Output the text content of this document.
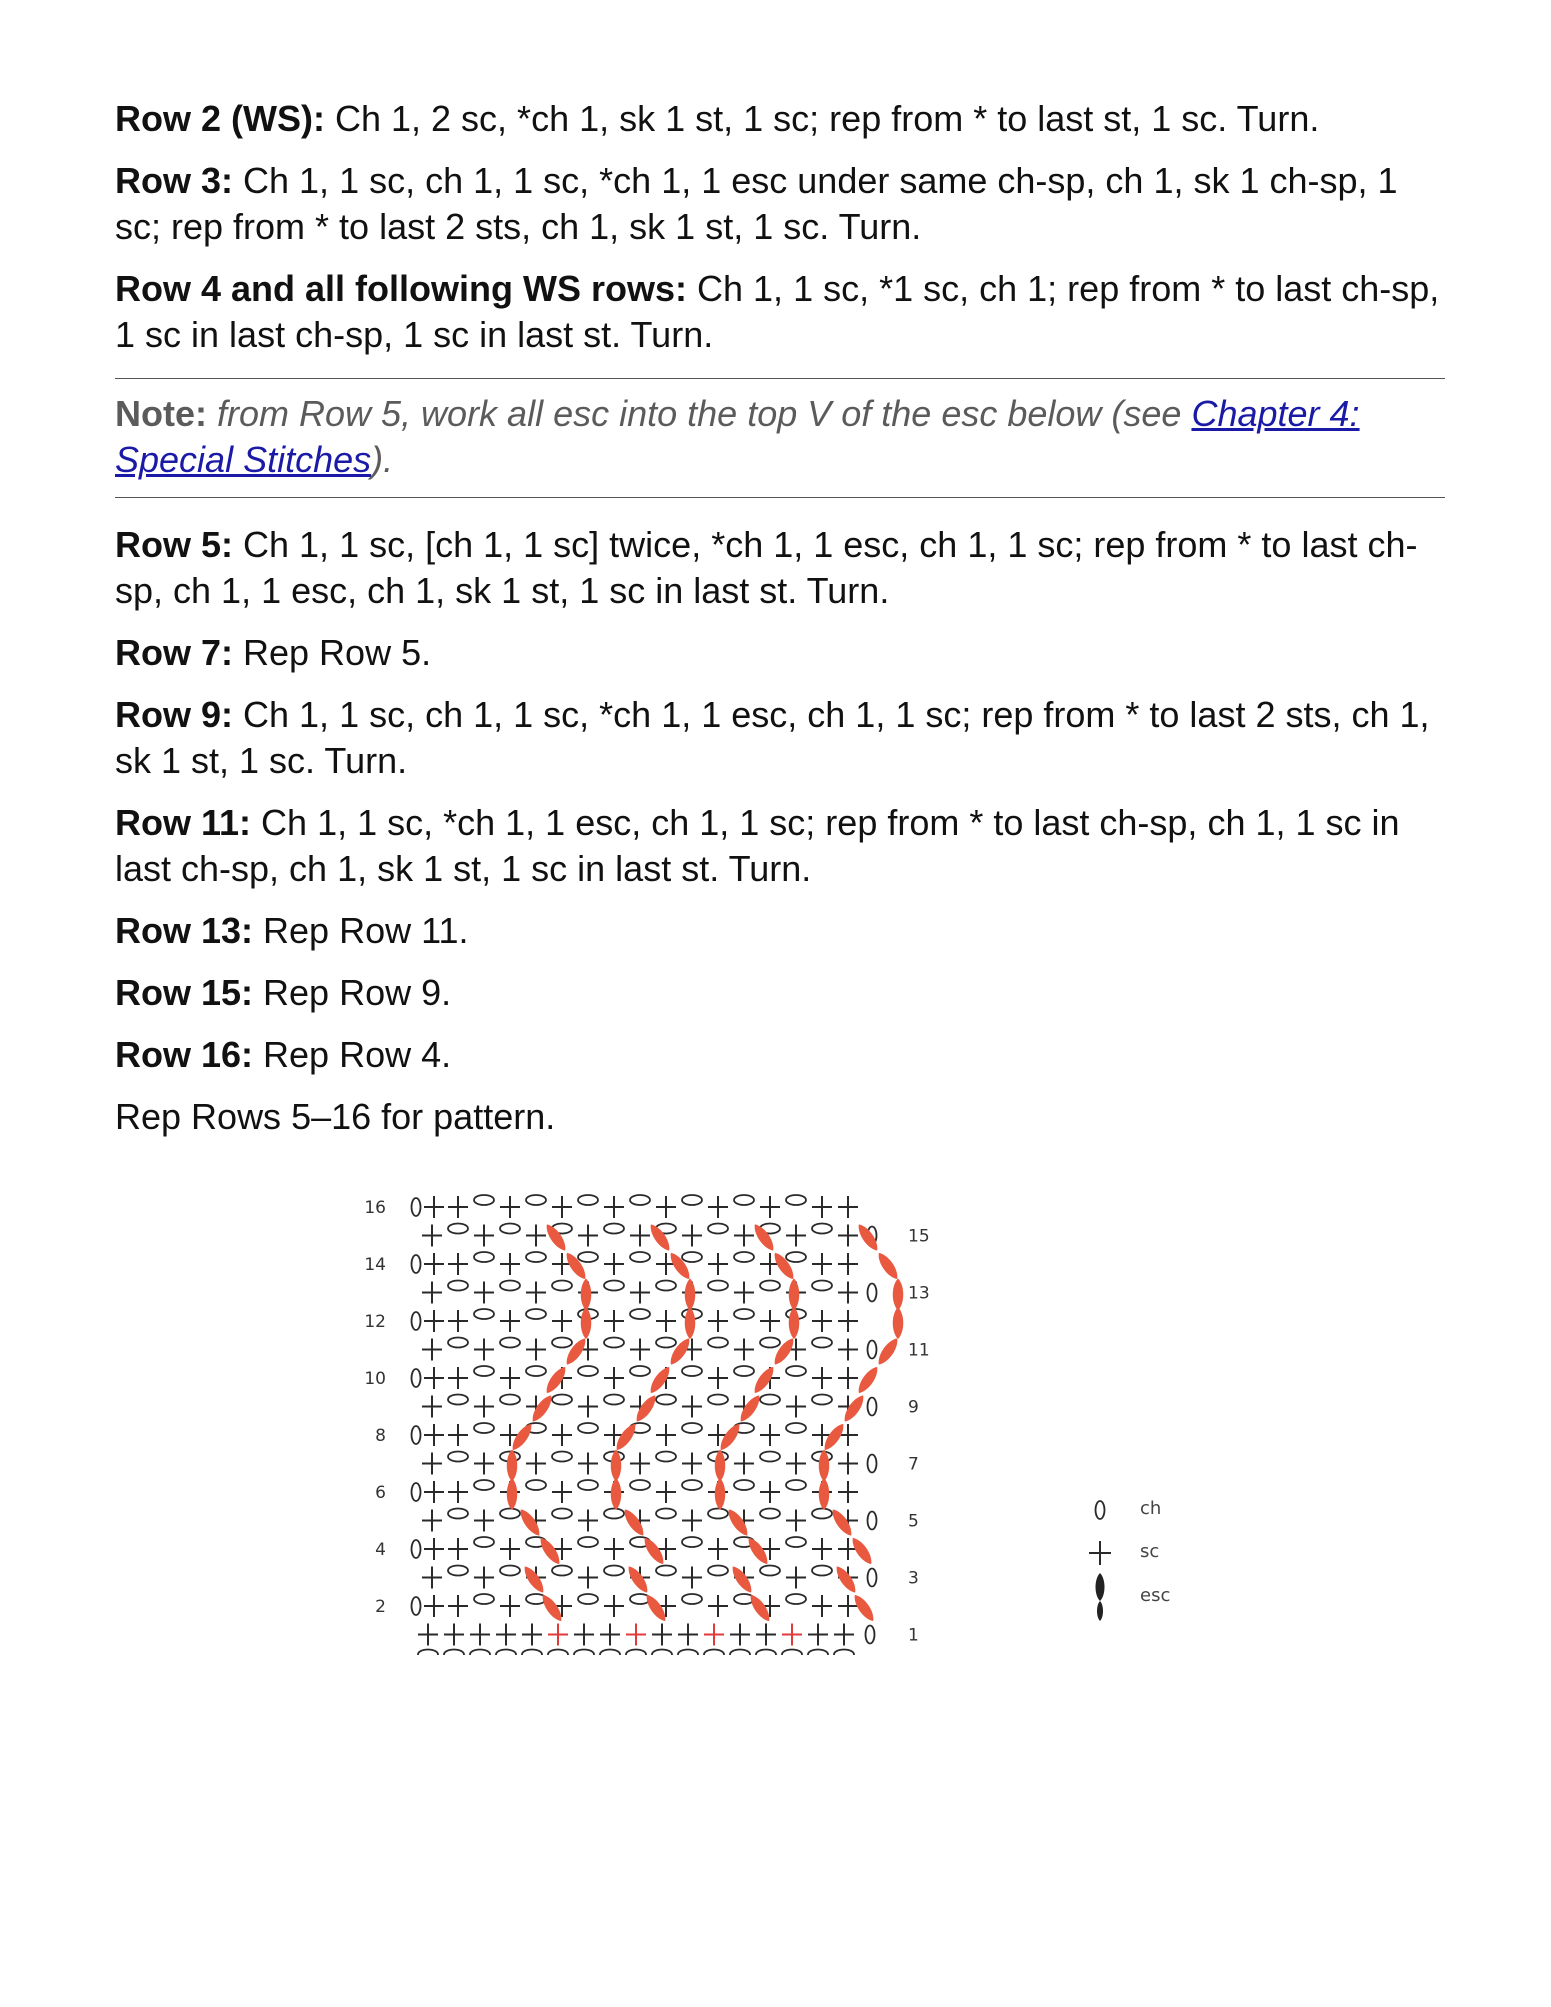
Row 2 (WS): Ch 1, 2 sc, *ch 1, sk 1 st, 1 sc; rep from * to last st, 1 sc. Turn.

Row 3: Ch 1, 1 sc, ch 1, 1 sc, *ch 1, 1 esc under same ch-sp, ch 1, sk 1 ch-sp, 1 sc; rep from * to last 2 sts, ch 1, sk 1 st, 1 sc. Turn.

Row 4 and all following WS rows: Ch 1, 1 sc, *1 sc, ch 1; rep from * to last ch-sp, 1 sc in last ch-sp, 1 sc in last st. Turn.

Note: from Row 5, work all esc into the top V of the esc below (see Chapter 4: Special Stitches).

Row 5: Ch 1, 1 sc, [ch 1, 1 sc] twice, *ch 1, 1 esc, ch 1, 1 sc; rep from * to last ch-sp, ch 1, 1 esc, ch 1, sk 1 st, 1 sc in last st. Turn.

Row 7: Rep Row 5.

Row 9: Ch 1, 1 sc, ch 1, 1 sc, *ch 1, 1 esc, ch 1, 1 sc; rep from * to last 2 sts, ch 1, sk 1 st, 1 sc. Turn.

Row 11: Ch 1, 1 sc, *ch 1, 1 esc, ch 1, 1 sc; rep from * to last ch-sp, ch 1, 1 sc in last ch-sp, ch 1, sk 1 st, 1 sc in last st. Turn.

Row 13: Rep Row 11.

Row 15: Rep Row 9.

Row 16: Rep Row 4.

Rep Rows 5–16 for pattern.

16
14
12
10
8
6
4
2
15
13
11
9
7
5
3
1
ch
sc
esc
